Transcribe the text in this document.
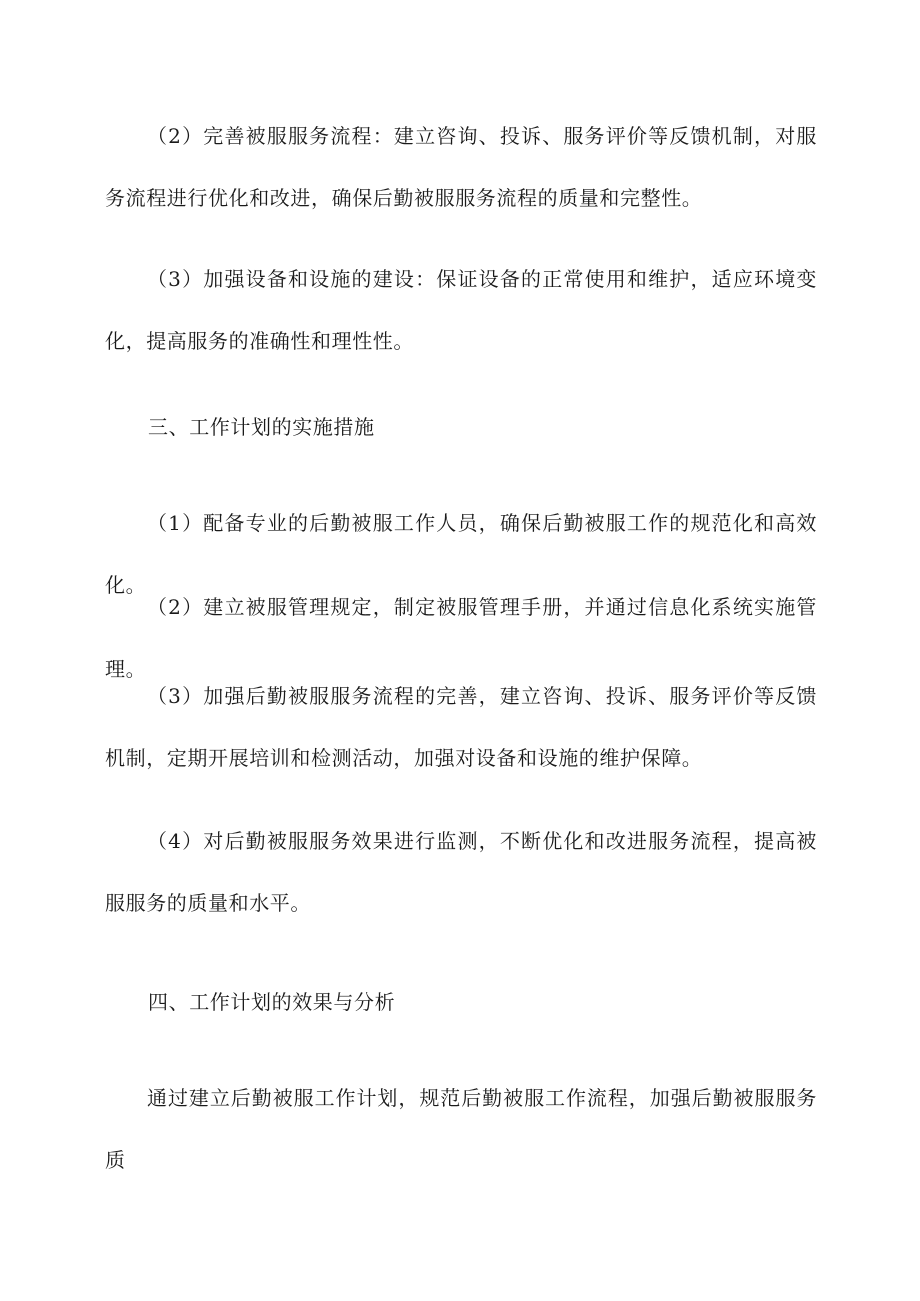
（2）完善被服服务流程：建立咨询、投诉、服务评价等反馈机制，对服务流程进行优化和改进，确保后勤被服服务流程的质量和完整性。

（3）加强设备和设施的建设：保证设备的正常使用和维护，适应环境变化，提高服务的准确性和理性性。

三、工作计划的实施措施

（1）配备专业的后勤被服工作人员，确保后勤被服工作的规范化和高效化。

（2）建立被服管理规定，制定被服管理手册，并通过信息化系统实施管理。

（3）加强后勤被服服务流程的完善，建立咨询、投诉、服务评价等反馈机制，定期开展培训和检测活动，加强对设备和设施的维护保障。

（4）对后勤被服服务效果进行监测，不断优化和改进服务流程，提高被服服务的质量和水平。

四、工作计划的效果与分析

通过建立后勤被服工作计划，规范后勤被服工作流程，加强后勤被服服务质
